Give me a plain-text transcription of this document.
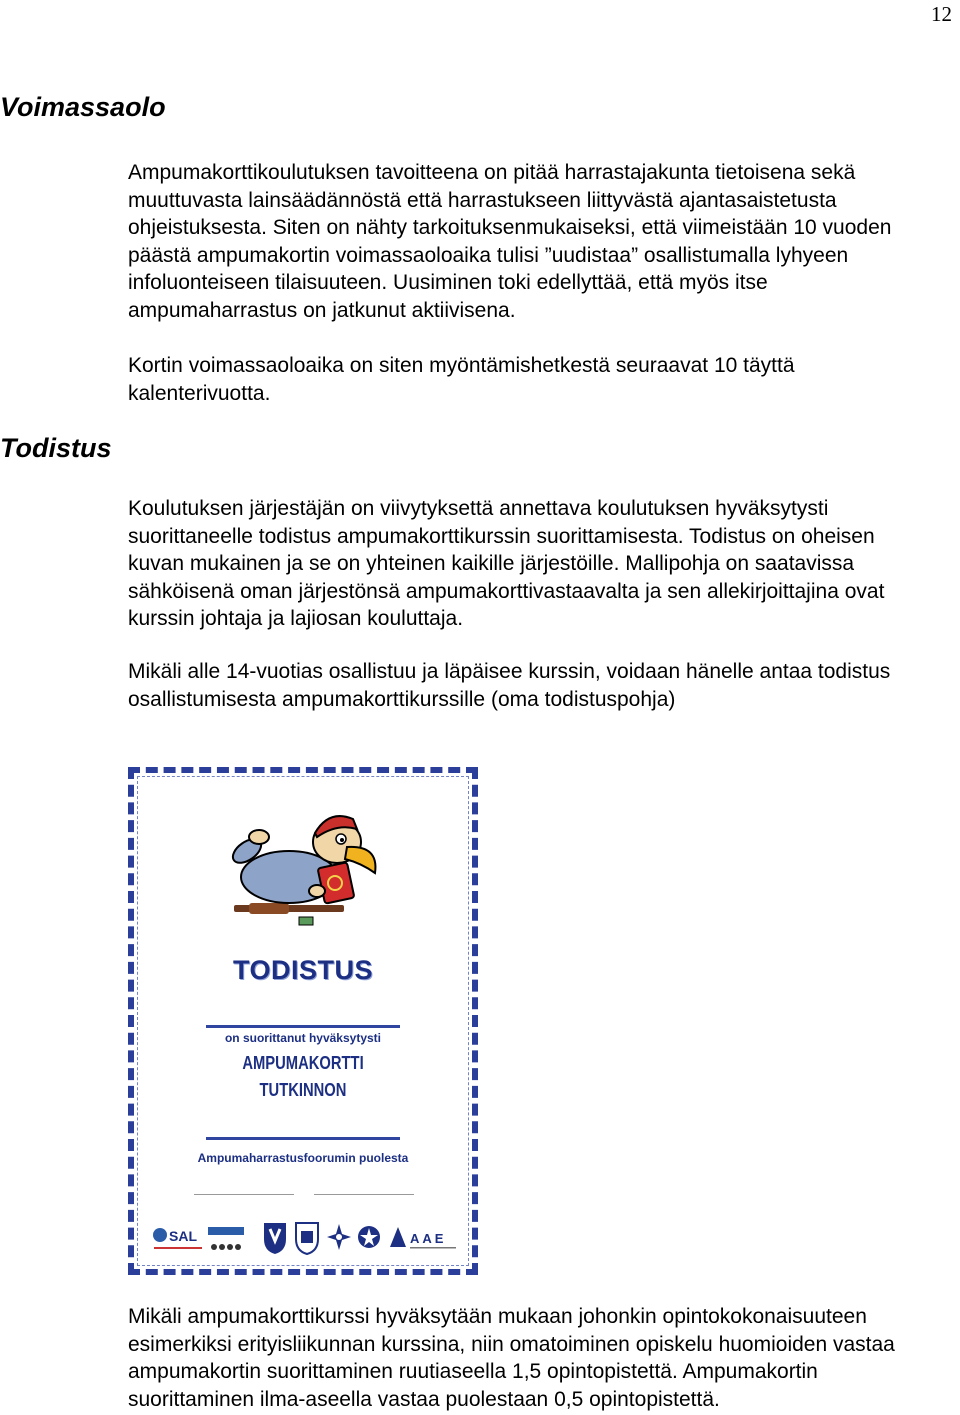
12
Voimassaolo

Ampumakorttikoulutuksen tavoitteena on pitää harrastajakunta tietoisena sekä muuttuvasta lainsäädännöstä että harrastukseen liittyvästä ajantasaistetusta ohjeistuksesta. Siten on nähty tarkoituksenmukaiseksi, että viimeistään 10 vuoden päästä ampumakortin voimassaoloaika tulisi ”uudistaa” osallistumalla lyhyeen infoluonteiseen tilaisuuteen. Uusiminen toki edellyttää, että myös itse ampumaharrastus on jatkunut aktiivisena.

Kortin voimassaoloaika on siten myöntämishetkestä seuraavat 10 täyttä kalenterivuotta.

Todistus

Koulutuksen järjestäjän on viivytyksettä annettava koulutuksen hyväksytysti suorittaneelle todistus ampumakorttikurssin suorittamisesta. Todistus on oheisen kuvan mukainen ja se on yhteinen kaikille järjestöille. Mallipohja on saatavissa sähköisenä oman järjestönsä ampumakorttivastaavalta ja sen allekirjoittajina ovat kurssin johtaja ja lajiosan kouluttaja.

Mikäli alle 14-vuotias osallistuu ja läpäisee kurssin, voidaan hänelle antaa todistus osallistumisesta ampumakorttikurssille (oma todistuspohja)

TODISTUS
on suorittanut hyväksytysti
AMPUMAKORTTI
TUTKINNON
Ampumaharrastusfoorumin puolesta
SAL	AAE

Mikäli ampumakorttikurssi hyväksytään mukaan johonkin opintokokonaisuuteen esimerkiksi erityisliikunnan kurssina, niin omatoiminen opiskelu huomioiden vastaa ampumakortin suorittaminen ruutiaseella 1,5 opintopistettä. Ampumakortin suorittaminen ilma-aseella vastaa puolestaan 0,5 opintopistettä.
